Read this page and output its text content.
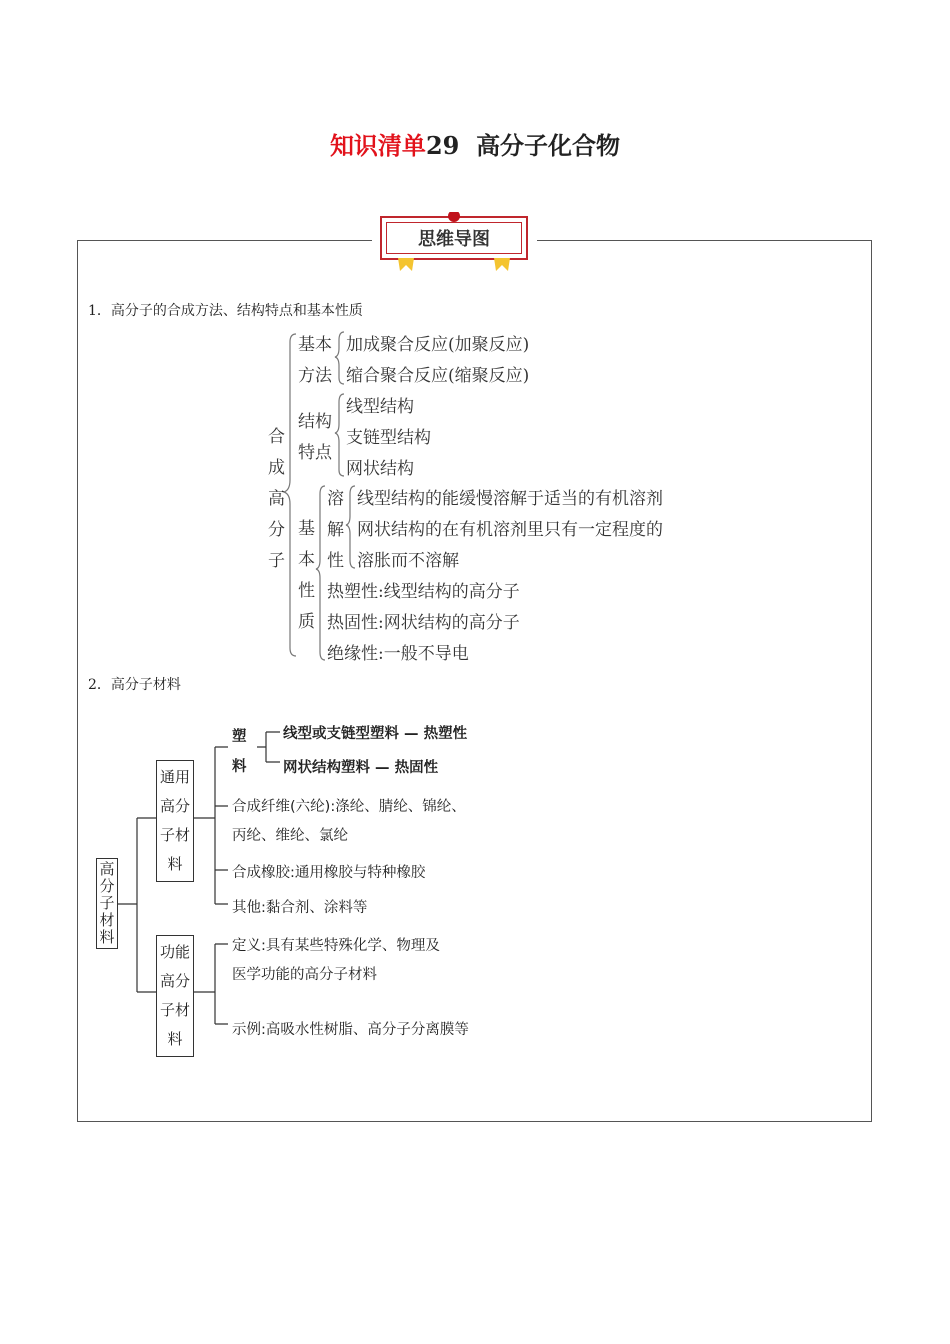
知识清单29 高分子化合物
思维导图
1．高分子的合成方法、结构特点和基本性质
合
成
高
分
子
基本
方法
加成聚合反应(加聚反应)
缩合聚合反应(缩聚反应)
结构
特点
线型结构
支链型结构
网状结构
基
本
性
质
溶
解
性
线型结构的能缓慢溶解于适当的有机溶剂
网状结构的在有机溶剂里只有一定程度的
溶胀而不溶解
热塑性:线型结构的高分子
热固性:网状结构的高分子
绝缘性:一般不导电
2．高分子材料
高
分
子
材
料
通用
高分
子材
料
功能
高分
子材
料
塑
料
线型或支链型塑料 — 热塑性
网状结构塑料 — 热固性
合成纤维(六纶):涤纶、腈纶、锦纶、
丙纶、维纶、氯纶
合成橡胶:通用橡胶与特种橡胶
其他:黏合剂、涂料等
定义:具有某些特殊化学、物理及
医学功能的高分子材料
示例:高吸水性树脂、高分子分离膜等
